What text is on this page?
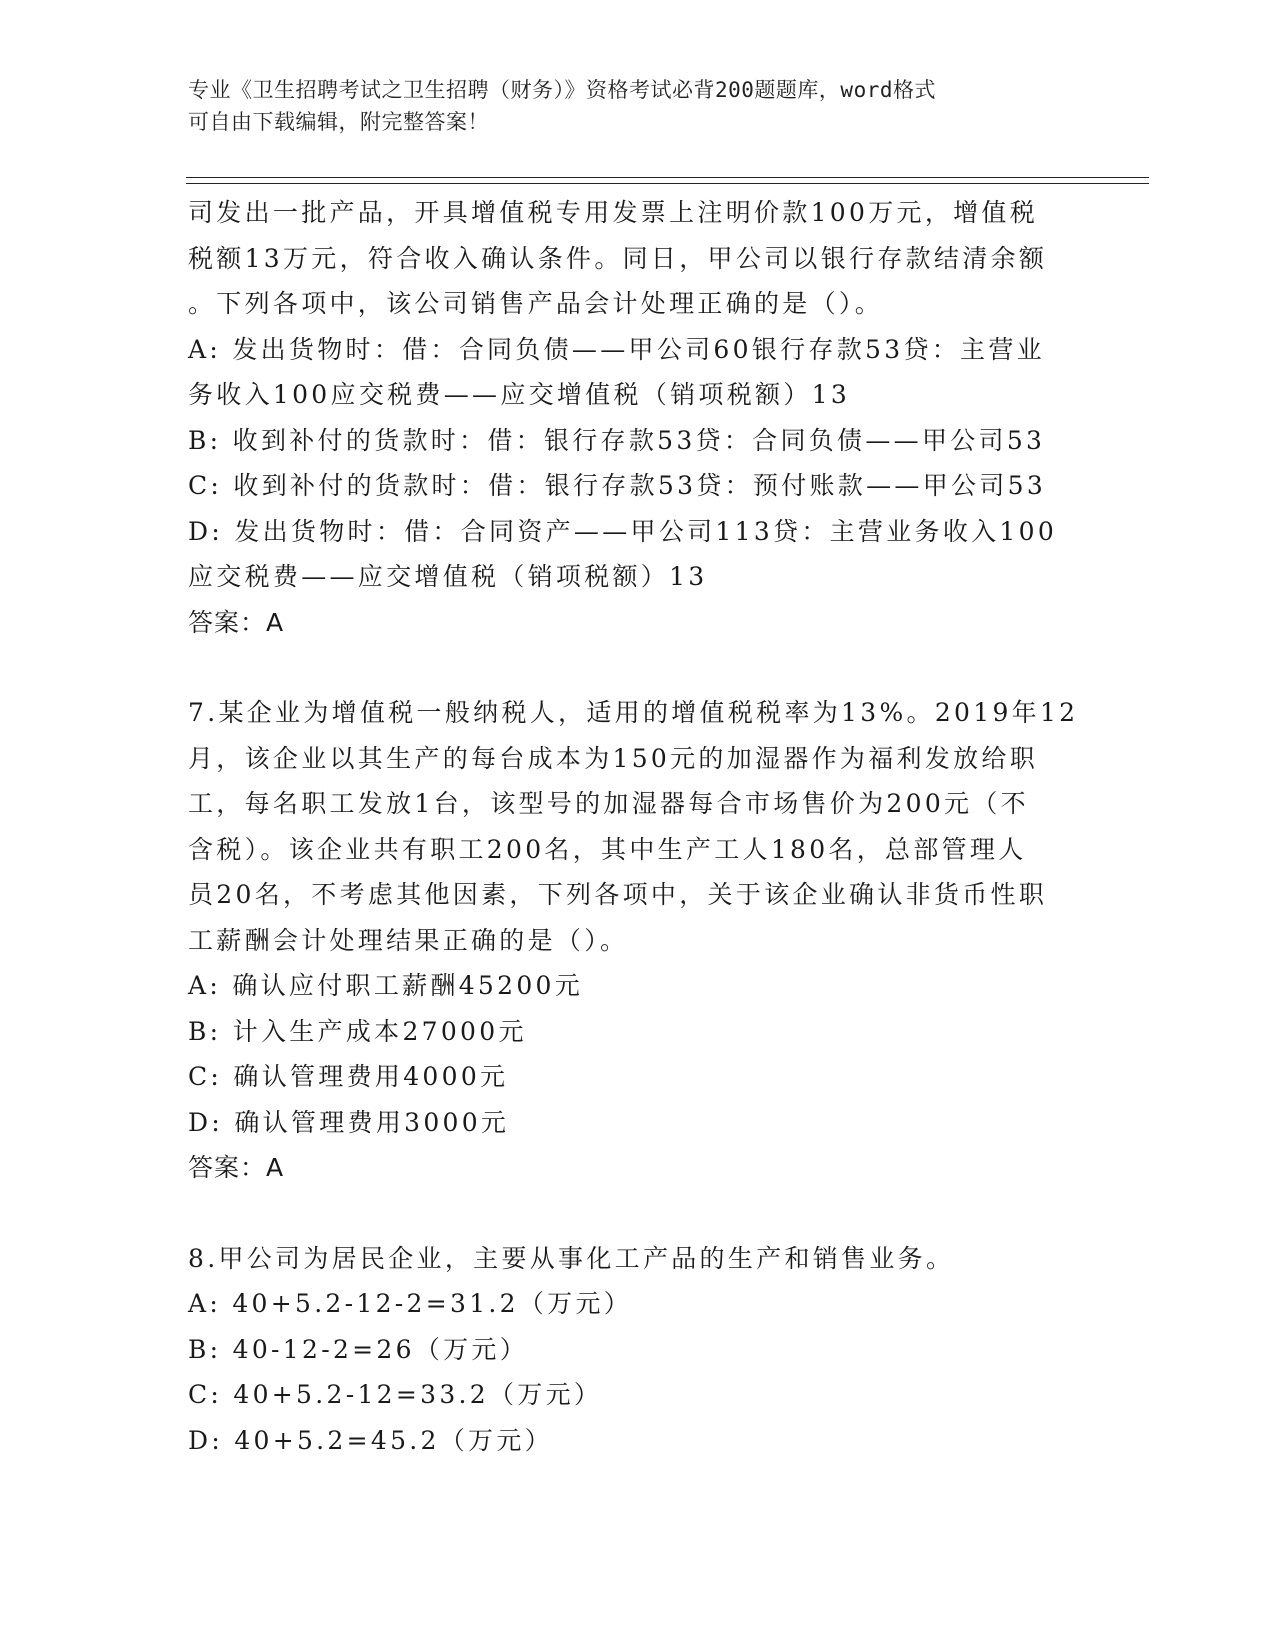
专业《卫生招聘考试之卫生招聘（财务）》资格考试必背200题题库，word格式
可自由下载编辑，附完整答案！
司发出一批产品，开具增值税专用发票上注明价款100万元，增值税
税额13万元，符合收入确认条件。同日，甲公司以银行存款结清余额
。下列各项中，该公司销售产品会计处理正确的是（）。
A: 发出货物时：借：合同负债——甲公司60银行存款53贷：主营业
务收入100应交税费——应交增值税（销项税额）13
B: 收到补付的货款时：借：银行存款53贷：合同负债——甲公司53
C: 收到补付的货款时：借：银行存款53贷：预付账款——甲公司53
D: 发出货物时：借：合同资产——甲公司113贷：主营业务收入100
应交税费——应交增值税（销项税额）13
答案：A
7.某企业为增值税一般纳税人，适用的增值税税率为13%。2019年12
月，该企业以其生产的每台成本为150元的加湿器作为福利发放给职
工，每名职工发放1台，该型号的加湿器每合市场售价为200元（不
含税）。该企业共有职工200名，其中生产工人180名，总部管理人
员20名，不考虑其他因素，下列各项中，关于该企业确认非货币性职
工薪酬会计处理结果正确的是（）。
A: 确认应付职工薪酬45200元
B: 计入生产成本27000元
C: 确认管理费用4000元
D: 确认管理费用3000元
答案：A
8.甲公司为居民企业，主要从事化工产品的生产和销售业务。
A: 40+5.2-12-2=31.2（万元）
B: 40-12-2=26（万元）
C: 40+5.2-12=33.2（万元）
D: 40+5.2=45.2（万元）
